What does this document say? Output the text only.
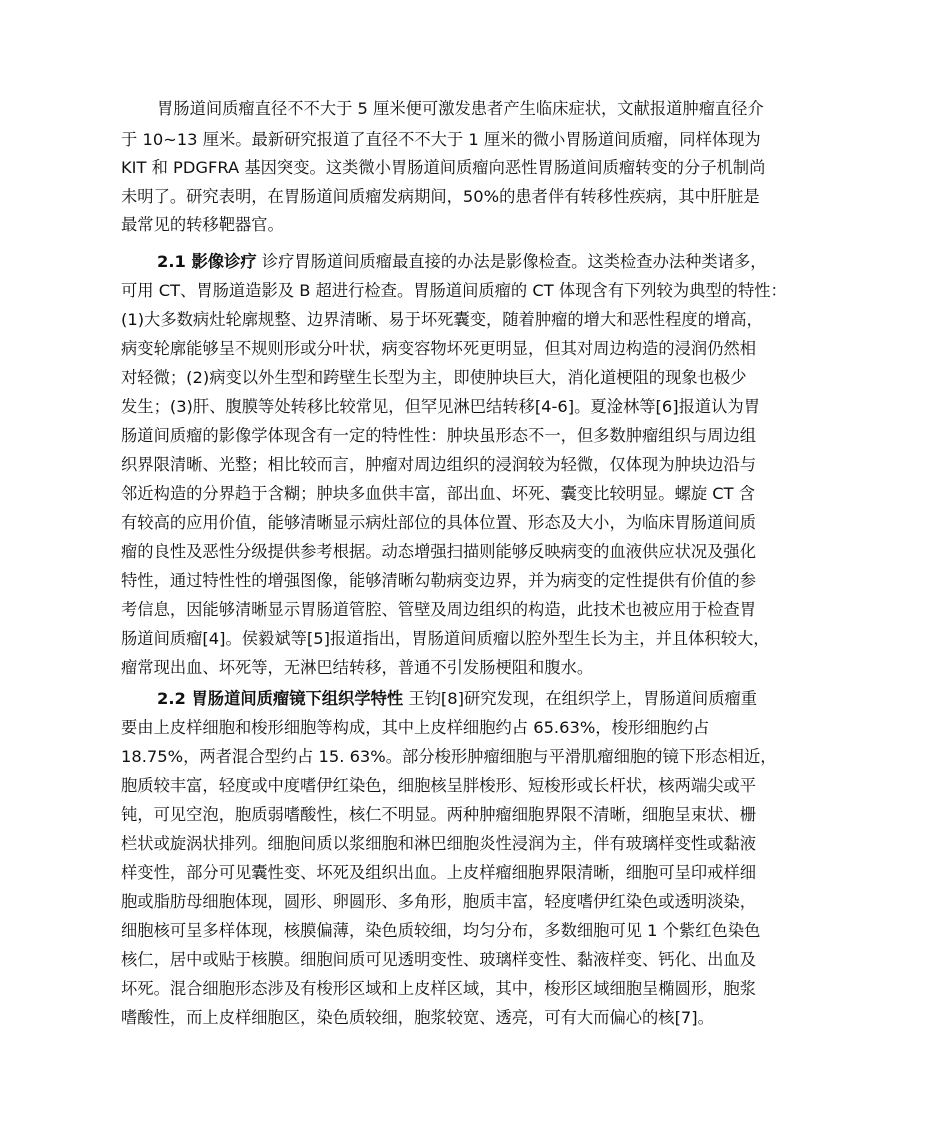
胃肠道间质瘤直径不不大于 5 厘米便可激发患者产生临床症状，文献报道肿瘤直径介
于 10~13 厘米。最新研究报道了直径不不大于 1 厘米的微小胃肠道间质瘤，同样体现为
KIT 和 PDGFRA 基因突变。这类微小胃肠道间质瘤向恶性胃肠道间质瘤转变的分子机制尚
未明了。研究表明，在胃肠道间质瘤发病期间，50%的患者伴有转移性疾病，其中肝脏是
最常见的转移靶器官。
2.1 影像诊疗 诊疗胃肠道间质瘤最直接的办法是影像检查。这类检查办法种类诸多，
可用 CT、胃肠道造影及 B 超进行检查。胃肠道间质瘤的 CT 体现含有下列较为典型的特性：
(1)大多数病灶轮廓规整、边界清晰、易于坏死囊变，随着肿瘤的增大和恶性程度的增高，
病变轮廓能够呈不规则形或分叶状，病变容物坏死更明显，但其对周边构造的浸润仍然相
对轻微；(2)病变以外生型和跨壁生长型为主，即使肿块巨大，消化道梗阻的现象也极少
发生；(3)肝、腹膜等处转移比较常见，但罕见淋巴结转移[4-6]。夏淦林等[6]报道认为胃
肠道间质瘤的影像学体现含有一定的特性性：肿块虽形态不一，但多数肿瘤组织与周边组
织界限清晰、光整；相比较而言，肿瘤对周边组织的浸润较为轻微，仅体现为肿块边沿与
邻近构造的分界趋于含糊；肿块多血供丰富，部出血、坏死、囊变比较明显。螺旋 CT 含
有较高的应用价值，能够清晰显示病灶部位的具体位置、形态及大小，为临床胃肠道间质
瘤的良性及恶性分级提供参考根据。动态增强扫描则能够反映病变的血液供应状况及强化
特性，通过特性性的增强图像，能够清晰勾勒病变边界，并为病变的定性提供有价值的参
考信息，因能够清晰显示胃肠道管腔、管壁及周边组织的构造，此技术也被应用于检查胃
肠道间质瘤[4]。侯毅斌等[5]报道指出，胃肠道间质瘤以腔外型生长为主，并且体积较大，
瘤常现出血、坏死等，无淋巴结转移，普通不引发肠梗阻和腹水。
2.2 胃肠道间质瘤镜下组织学特性 王钧[8]研究发现，在组织学上，胃肠道间质瘤重
要由上皮样细胞和梭形细胞等构成，其中上皮样细胞约占 65.63%，梭形细胞约占
18.75%，两者混合型约占 15. 63%。部分梭形肿瘤细胞与平滑肌瘤细胞的镜下形态相近，
胞质较丰富，轻度或中度嗜伊红染色，细胞核呈胖梭形、短梭形或长杆状，核两端尖或平
钝，可见空泡，胞质弱嗜酸性，核仁不明显。两种肿瘤细胞界限不清晰，细胞呈束状、栅
栏状或旋涡状排列。细胞间质以浆细胞和淋巴细胞炎性浸润为主，伴有玻璃样变性或黏液
样变性，部分可见囊性变、坏死及组织出血。上皮样瘤细胞界限清晰，细胞可呈印戒样细
胞或脂肪母细胞体现，圆形、卵圆形、多角形，胞质丰富，轻度嗜伊红染色或透明淡染，
细胞核可呈多样体现，核膜偏薄，染色质较细，均匀分布，多数细胞可见 1 个紫红色染色
核仁，居中或贴于核膜。细胞间质可见透明变性、玻璃样变性、黏液样变、钙化、出血及
坏死。混合细胞形态涉及有梭形区域和上皮样区域，其中，梭形区域细胞呈椭圆形，胞浆
嗜酸性，而上皮样细胞区，染色质较细，胞浆较宽、透亮，可有大而偏心的核[7]。
